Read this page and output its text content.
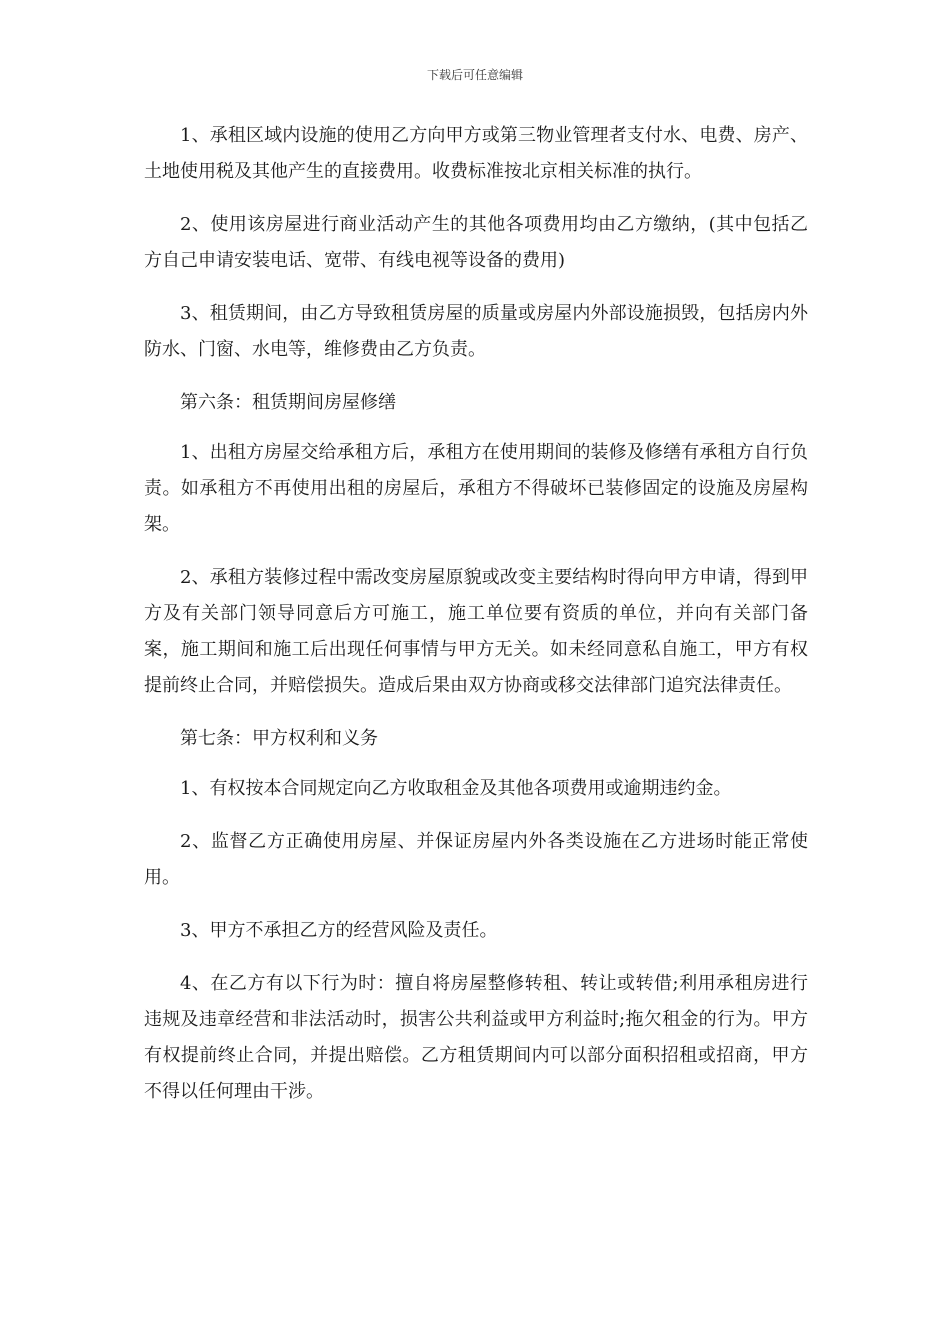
下载后可任意编辑

1、承租区域内设施的使用乙方向甲方或第三物业管理者支付水、电费、房产、土地使用税及其他产生的直接费用。收费标准按北京相关标准的执行。

2、使用该房屋进行商业活动产生的其他各项费用均由乙方缴纳，(其中包括乙方自己申请安装电话、宽带、有线电视等设备的费用)

3、租赁期间，由乙方导致租赁房屋的质量或房屋内外部设施损毁，包括房内外防水、门窗、水电等，维修费由乙方负责。

第六条：租赁期间房屋修缮

1、出租方房屋交给承租方后，承租方在使用期间的装修及修缮有承租方自行负责。如承租方不再使用出租的房屋后，承租方不得破坏已装修固定的设施及房屋构架。

2、承租方装修过程中需改变房屋原貌或改变主要结构时得向甲方申请，得到甲方及有关部门领导同意后方可施工，施工单位要有资质的单位，并向有关部门备案，施工期间和施工后出现任何事情与甲方无关。如未经同意私自施工，甲方有权提前终止合同，并赔偿损失。造成后果由双方协商或移交法律部门追究法律责任。

第七条：甲方权利和义务

1、有权按本合同规定向乙方收取租金及其他各项费用或逾期违约金。

2、监督乙方正确使用房屋、并保证房屋内外各类设施在乙方进场时能正常使用。

3、甲方不承担乙方的经营风险及责任。

4、在乙方有以下行为时：擅自将房屋整修转租、转让或转借;利用承租房进行违规及违章经营和非法活动时，损害公共利益或甲方利益时;拖欠租金的行为。甲方有权提前终止合同，并提出赔偿。乙方租赁期间内可以部分面积招租或招商，甲方不得以任何理由干涉。
